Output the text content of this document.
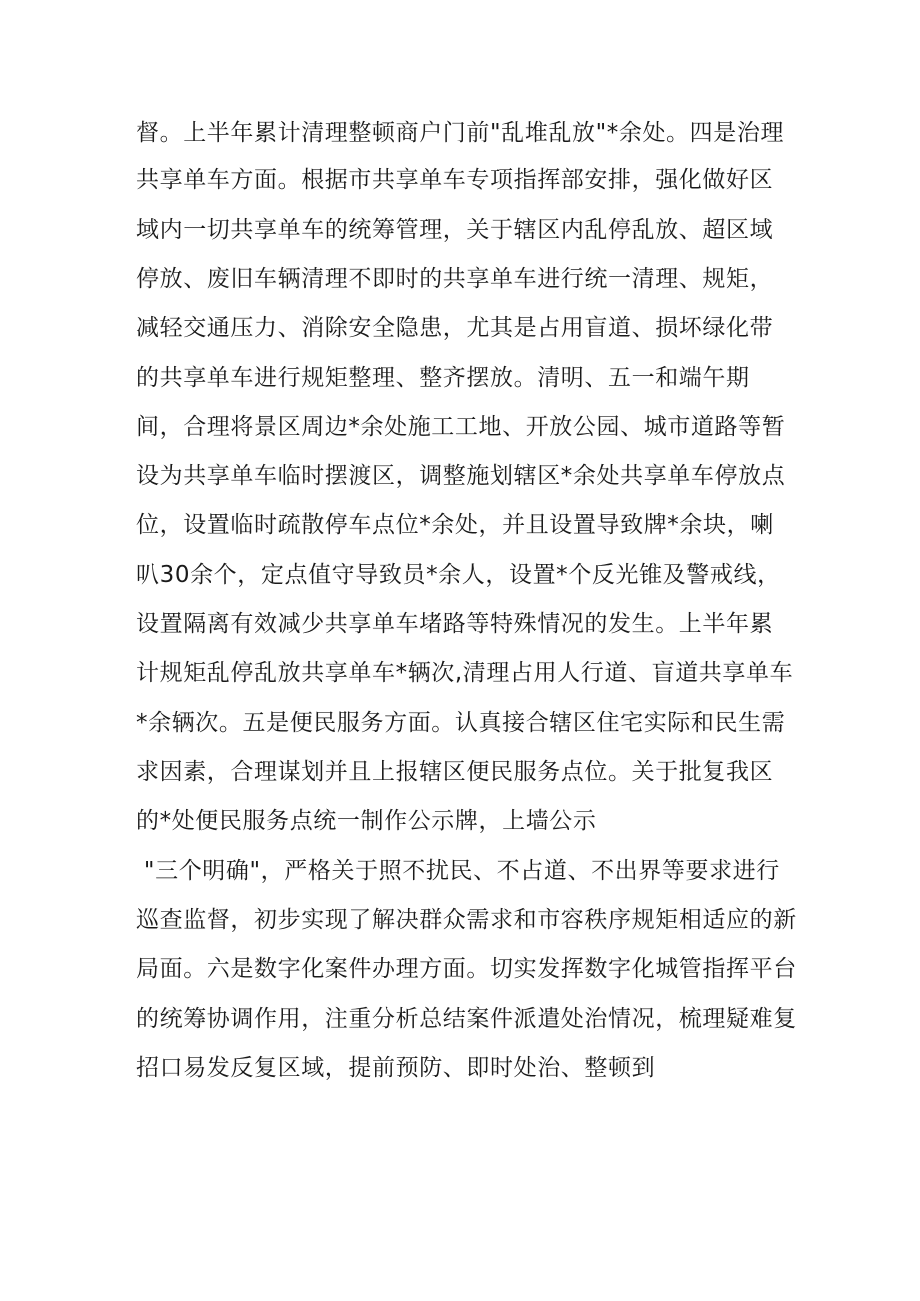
督。上半年累计清理整顿商户门前"乱堆乱放"*余处。四是治理
共享单车方面。根据市共享单车专项指挥部安排，强化做好区
域内一切共享单车的统筹管理，关于辖区内乱停乱放、超区域
停放、废旧车辆清理不即时的共享单车进行统一清理、规矩，
减轻交通压力、消除安全隐患，尤其是占用盲道、损坏绿化带
的共享单车进行规矩整理、整齐摆放。清明、五一和端午期
间，合理将景区周边*余处施工工地、开放公园、城市道路等暂
设为共享单车临时摆渡区，调整施划辖区*余处共享单车停放点
位，设置临时疏散停车点位*余处，并且设置导致牌*余块，喇
叭30余个，定点值守导致员*余人，设置*个反光锥及警戒线，
设置隔离有效减少共享单车堵路等特殊情况的发生。上半年累
计规矩乱停乱放共享单车*辆次,清理占用人行道、盲道共享单车
*余辆次。五是便民服务方面。认真接合辖区住宅实际和民生需
求因素，合理谋划并且上报辖区便民服务点位。关于批复我区
的*处便民服务点统一制作公示牌，上墙公示
"三个明确"，严格关于照不扰民、不占道、不出界等要求进行
巡查监督，初步实现了解决群众需求和市容秩序规矩相适应的新
局面。六是数字化案件办理方面。切实发挥数字化城管指挥平台
的统筹协调作用，注重分析总结案件派遣处治情况，梳理疑难复
招口易发反复区域，提前预防、即时处治、整顿到
